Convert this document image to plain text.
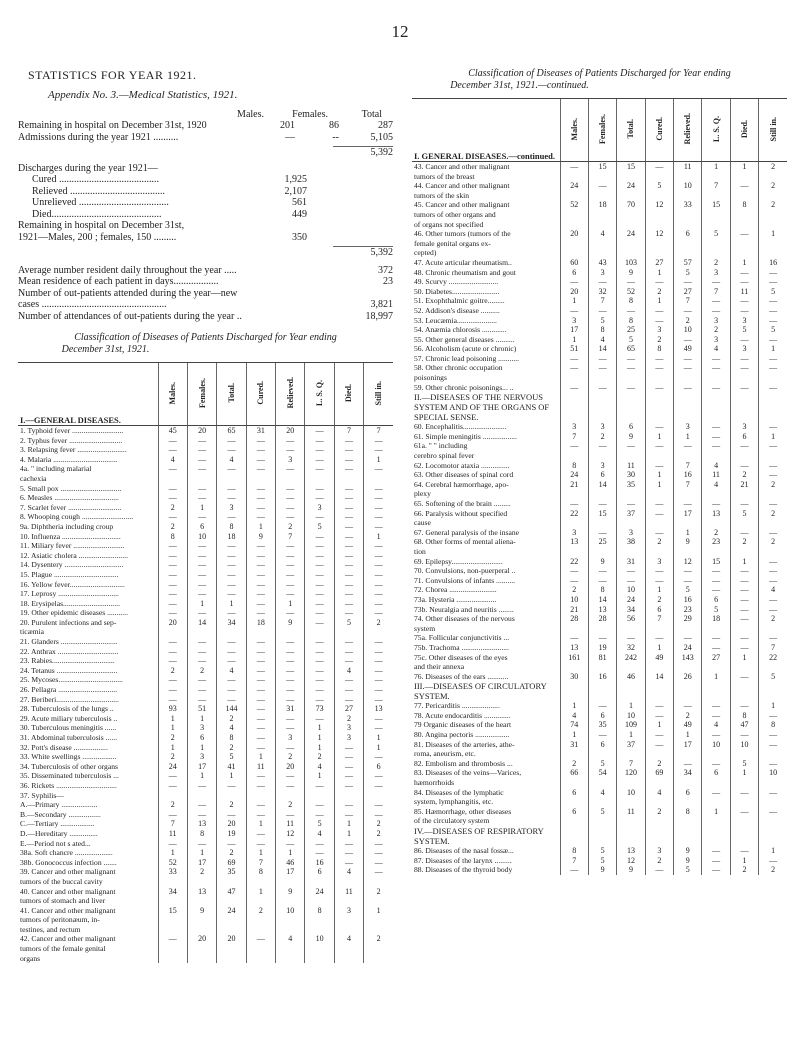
12
STATISTICS FOR YEAR 1921.
Appendix No. 3.—Medical Statistics, 1921.
Males.	Females.	Total
Remaining in hospital on December 31st, 1920	201	86	287
Admissions during the year 1921 ..........	—	--	5,105
5,392
Discharges during the year 1921—
Cured ........................................	1,925
Relieved ......................................	2,107
Unrelieved ....................................	561
Died............................................	449
Remaining in hospital on December 31st,
1921—Males, 200 ; females, 150 .........	350
5,392
Average number resident daily throughout the year .....	372
Mean residence of each patient in days..................	23
Number of out-patients attended during the year—new
cases ..................................................	3,821
Number of attendances of out-patients during the year ..	18,997
Classification of Diseases of Patients Discharged for Year ending
December 31st, 1921.
I.—GENERAL DISEASES.	Males.	Females.	Total.	Cured.	Relieved.	L. S. Q.	Died.	Still in.
1. Typhoid fever ...........................	45	20	65	31	20	—	7	7
2. Typhus fever ............................	—	—	—	—	—	—	—	—
3. Relapsing fever ..........................	—	—	—	—	—	—	—	—
4. Malaria ..................................	4	—	4	—	3	—	—	1
4a. " including malarial	—	—	—	—	—	—	—	—
cachexia								
5. Small pox ................................	—	—	—	—	—	—	—	—
6. Measles ..................................	—	—	—	—	—	—	—	—
7. Scarlet fever ............................	2	1	3	—	—	3	—	—
8. Whooping cough ...........................	—	—	—	—	—	—	—	—
9a. Diphtheria including croup	2	6	8	1	2	5	—	—
10. Influenza ...............................	8	10	18	9	7	—	—	1
11. Miliary fever ...........................	—	—	—	—	—	—	—	—
12. Asiatic cholera ..........................	—	—	—	—	—	—	—	—
14. Dysentery ...............................	—	—	—	—	—	—	—	—
15. Plague ..................................	—	—	—	—	—	—	—	—
16. Yellow fever.............................	—	—	—	—	—	—	—	—
17. Leprosy ................................	—	—	—	—	—	—	—	—
18. Erysipelas..............................	—	1	1	—	1	—	—	—
19. Other epidemic diseases ...........	—	—	—	—	—	—	—	—
20. Purulent infections and sep-	20	14	34	18	9	—	5	2
ticæmia								
21. Glanders ..............................	—	—	—	—	—	—	—	—
22. Anthrax ................................	—	—	—	—	—	—	—	—
23. Rabies.................................	—	—	—	—	—	—	—	—
24. Tetanus ................................	2	2	4	—	—	—	4	—
25. Mycoses..................................	—	—	—	—	—	—	—	—
26. Pellagra ...............................	—	—	—	—	—	—	—	—
27. Beriberi.................................	—	—	—	—	—	—	—	—
28. Tuberculosis of the lungs ..	93	51	144	—	31	73	27	13
29. Acute miliary tuberculosis ..	1	1	2	—	—	—	2	—
30. Tuberculous meningitis ......	1	3	4	—	—	1	3	—
31. Abdominal tuberculosis ......	2	6	8	—	3	1	3	1
32. Pott's disease ..................	1	1	2	—	—	1	—	1
33. White swellings ..................	2	3	5	1	2	2	—	—
34. Tuberculosis of other organs	24	17	41	11	20	4	—	6
35. Disseminated tuberculosis ...	—	1	1	—	—	1	—	—
36. Rickets ................................	—	—	—	—	—	—	—	—
37. Syphilis—								
A.—Primary ...................	2	—	2	—	2	—	—	—
B.—Secondary .................	—	—	—	—	—	—	—	—
C.—Tertiary ..................	7	13	20	1	11	5	1	2
D.—Hereditary ...............	11	8	19	—	12	4	1	2
E.—Period not s ated...	—	—	—	—	—	—	—	—
38a. Soft chancre ....................	1	1	2	1	1	—	—	—
38b. Gonococcus infection .......	52	17	69	7	46	16	—	—
39. Cancer and other malignant	33	2	35	8	17	6	4	—
tumors of the buccal cavity								
40. Cancer and other malignant	34	13	47	1	9	24	11	2
tumors of stomach and liver								
41. Cancer and other malignant	15	9	24	2	10	8	3	1
tumors of peritonæum, in-								
testines, and rectum								
42. Cancer and other malignant	—	20	20	—	4	10	4	2
tumors of the female genital								
organs								
Classification of Diseases of Patients Discharged for Year ending
December 31st, 1921.—continued.
I. GENERAL DISEASES.—continued.	Males.	Females.	Total.	Cured.	Relieved.	L. S. Q.	Died.	Still in.
43. Cancer and other malignant	—	15	15	—	11	1	1	2
tumors of the breast								
44. Cancer and other malignant	24	—	24	5	10	7	—	2
tumors of the skin								
45. Cancer and other malignant	52	18	70	12	33	15	8	2
tumors of other organs and								
of organs not specified								
46. Other tumors (tumors of the	20	4	24	12	6	5	—	1
female genital organs ex-								
cepted)								
47. Acute articular rheumatism..	60	43	103	27	57	2	1	16
48. Chronic rheumatism and gout	6	3	9	1	5	3	—	—
49. Scurvy ..........................	—	—	—	—	—	—	—	—
50. Diabetes.........................	20	32	52	2	27	7	11	5
51. Exophthalmic goitre.........	1	7	8	1	7	—	—	—
52. Addison's disease ..........	—	—	—	—	—	—	—	—
53. Leucæmia.....................	3	5	8	—	2	3	3	—
54. Anæmia chlorosis .............	17	8	25	3	10	2	5	5
55. Other general diseases ..........	1	4	5	2	—	3	—	—
56. Alcoholism (acute or chronic)	51	14	65	8	49	4	3	1
57. Chronic lead poisoning ...........	—	—	—	—	—	—	—	—
58. Other chronic occupation	—	—	—	—	—	—	—	—
poisonings								
59. Other chronic poisonings... ..	—	—	—	—	—	—	—	—
II.—DISEASES OF THE NERVOUS SYSTEM AND OF THE ORGANS OF SPECIAL SENSE.								
60. Encephalitis.......................	3	3	6	—	3	—	3	—
61. Simple meningitis ..................	7	2	9	1	1	—	6	1
61a. " " including	—	—	—	—	—	—	—	—
cerebro spinal fever								
62. Locomotor ataxia ...............	8	3	11	—	7	4	—	—
63. Other diseases of spinal cord	24	6	30	1	16	11	2	—
64. Cerebral hæmorrhage, apo-	21	14	35	1	7	4	21	2
plexy								
65. Softening of the brain .........	—	—	—	—	—	—	—	—
66. Paralysis without specified	22	15	37	—	17	13	5	2
cause								
67. General paralysis of the insane	3	—	3	—	1	2	—	—
68. Other forms of mental aliena-	13	25	38	2	9	23	2	2
tion								
69. Epilepsy...........................	22	9	31	3	12	15	1	—
70. Convulsions, non-puerperal ..	—	—	—	—	—	—	—	—
71. Convulsions of infants ..........	—	—	—	—	—	—	—	—
72. Chorea .........................	2	8	10	1	5	—	—	4
73a. Hysteria .....................	10	14	24	2	16	6	—	—
73b. Neuralgia and neuritis ........	21	13	34	6	23	5	—	—
74. Other diseases of the nervous	28	28	56	7	29	18	—	2
system								
75a. Follicular conjunctivitis ...	—	—	—	—	—	—	—	—
75b. Trachoma .........................	13	19	32	1	24	—	—	7
75c. Other diseases of the eyes	161	81	242	49	143	27	1	22
and their annexa								
76. Diseases of the ears ...........	30	16	46	14	26	1	—	5
III.—DISEASES OF CIRCULATORY SYSTEM.								
77. Pericarditis ....................	1	—	1	—	—	—	—	1
78. Acute endocarditis ..............	4	6	10	—	2	—	8	—
79 Organic diseases of the heart	74	35	109	1	49	4	47	8
80. Angina pectoris ..................	1	—	1	—	1	—	—	—
81. Diseases of the arteries, athe-	31	6	37	—	17	10	10	—
roma, aneurism, etc.								
82. Embolism and thrombosis ...	2	5	7	2	—	—	5	—
83. Diseases of the veins—Varices,	66	54	120	69	34	6	1	10
hæmorrhoids								
84. Diseases of the lymphatic	6	4	10	4	6	—	—	—
system, lymphangitis, etc.								
85. Hæmorrhage, other diseases	6	5	11	2	8	1	—	—
of the circulatory system								
IV.—DISEASES OF RESPIRATORY SYSTEM.								
86. Diseases of the nasal fossæ...	8	5	13	3	9	—	—	1
87. Diseases of the larynx .........	7	5	12	2	9	—	1	—
88. Diseases of the thyroid body	—	9	9	—	5	—	2	2
